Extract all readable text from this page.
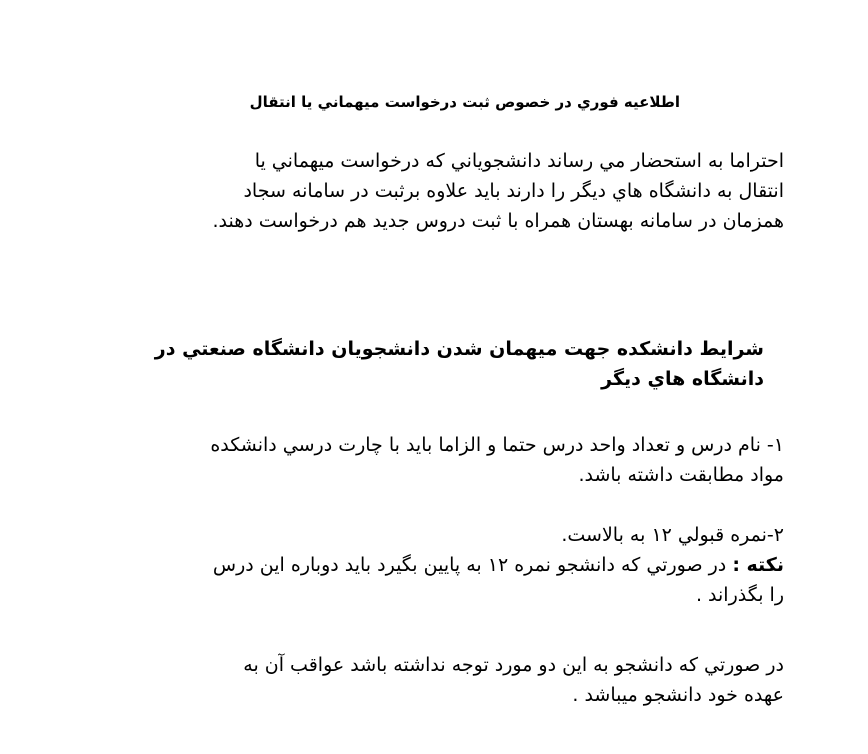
اطلاعيه فوري در خصوص ثبت درخواست ميهماني يا انتقال
احتراما به استحضار مي رساند دانشجوياني كه درخواست ميهماني يا
انتقال به دانشگاه هاي ديگر را دارند بايد علاوه برثبت در سامانه سجاد
همزمان در سامانه بهستان همراه با ثبت دروس جديد هم درخواست دهند.
شرايط دانشكده جهت ميهمان شدن دانشجويان دانشگاه صنعتي در
دانشگاه هاي ديگر
۱- نام درس و تعداد واحد درس حتما و الزاما بايد با چارت درسي دانشكده
مواد مطابقت داشته باشد.
۲-نمره قبولي ۱۲ به بالاست.
نكته : در صورتي كه دانشجو نمره ۱۲ به پايين بگيرد بايد دوباره اين درس
را بگذراند .
در صورتي كه دانشجو به اين دو مورد توجه نداشته باشد عواقب آن به
عهده خود دانشجو ميباشد .
